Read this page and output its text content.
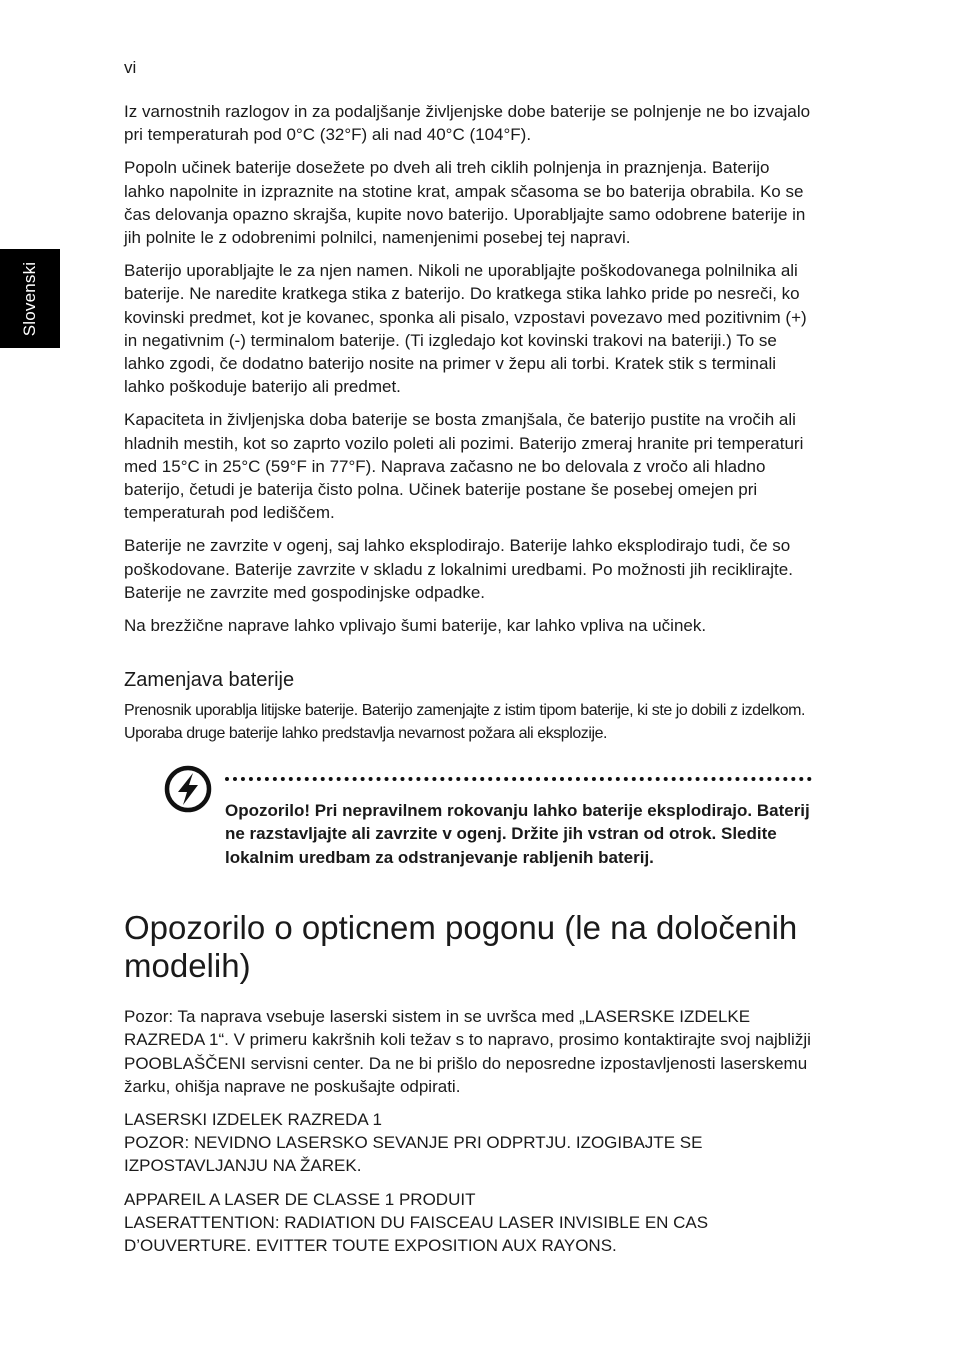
vi
Slovenski

Iz varnostnih razlogov in za podaljšanje življenjske dobe baterije se polnjenje ne bo izvajalo pri temperaturah pod 0°C (32°F) ali nad 40°C (104°F).

Popoln učinek baterije dosežete po dveh ali treh ciklih polnjenja in praznjenja. Baterijo lahko napolnite in izpraznite na stotine krat, ampak sčasoma se bo baterija obrabila. Ko se čas delovanja opazno skrajša, kupite novo baterijo. Uporabljajte samo odobrene baterije in jih polnite le z odobrenimi polnilci, namenjenimi posebej tej napravi.

Baterijo uporabljajte le za njen namen. Nikoli ne uporabljajte poškodovanega polnilnika ali baterije. Ne naredite kratkega stika z baterijo. Do kratkega stika lahko pride po nesreči, ko kovinski predmet, kot je kovanec, sponka ali pisalo, vzpostavi povezavo med pozitivnim (+) in negativnim (-) terminalom baterije. (Ti izgledajo kot kovinski trakovi na bateriji.) To se lahko zgodi, če dodatno baterijo nosite na primer v žepu ali torbi. Kratek stik s terminali lahko poškoduje baterijo ali predmet.

Kapaciteta in življenjska doba baterije se bosta zmanjšala, če baterijo pustite na vročih ali hladnih mestih, kot so zaprto vozilo poleti ali pozimi. Baterijo zmeraj hranite pri temperaturi med 15°C in 25°C (59°F in 77°F). Naprava začasno ne bo delovala z vročo ali hladno baterijo, četudi je baterija čisto polna. Učinek baterije postane še posebej omejen pri temperaturah pod lediščem.

Baterije ne zavrzite v ogenj, saj lahko eksplodirajo. Baterije lahko eksplodirajo tudi, če so poškodovane. Baterije zavrzite v skladu z lokalnimi uredbami. Po možnosti jih reciklirajte. Baterije ne zavrzite med gospodinjske odpadke.

Na brezžične naprave lahko vplivajo šumi baterije, kar lahko vpliva na učinek.

Zamenjava baterije

Prenosnik uporablja litijske baterije. Baterijo zamenjajte z istim tipom baterije, ki ste jo dobili z izdelkom. Uporaba druge baterije lahko predstavlja nevarnost požara ali eksplozije.

Opozorilo! Pri nepravilnem rokovanju lahko baterije eksplodirajo. Baterij ne razstavljajte ali zavrzite v ogenj. Držite jih vstran od otrok. Sledite lokalnim uredbam za odstranjevanje rabljenih baterij.
Opozorilo o opticnem pogonu (le na določenih modelih)

Pozor: Ta naprava vsebuje laserski sistem in se uvršca med „LASERSKE IZDELKE RAZREDA 1“. V primeru kakršnih koli težav s to napravo, prosimo kontaktirajte svoj najbližji POOBLAŠČENI servisni center. Da ne bi prišlo do neposredne izpostavljenosti laserskemu žarku, ohišja naprave ne poskušajte odpirati.

LASERSKI IZDELEK RAZREDA 1
POZOR: NEVIDNO LASERSKO SEVANJE PRI ODPRTJU. IZOGIBAJTE SE IZPOSTAVLJANJU NA ŽAREK.

APPAREIL A LASER DE CLASSE 1 PRODUIT
LASERATTENTION: RADIATION DU FAISCEAU LASER INVISIBLE EN CAS D’OUVERTURE. EVITTER TOUTE EXPOSITION AUX RAYONS.
